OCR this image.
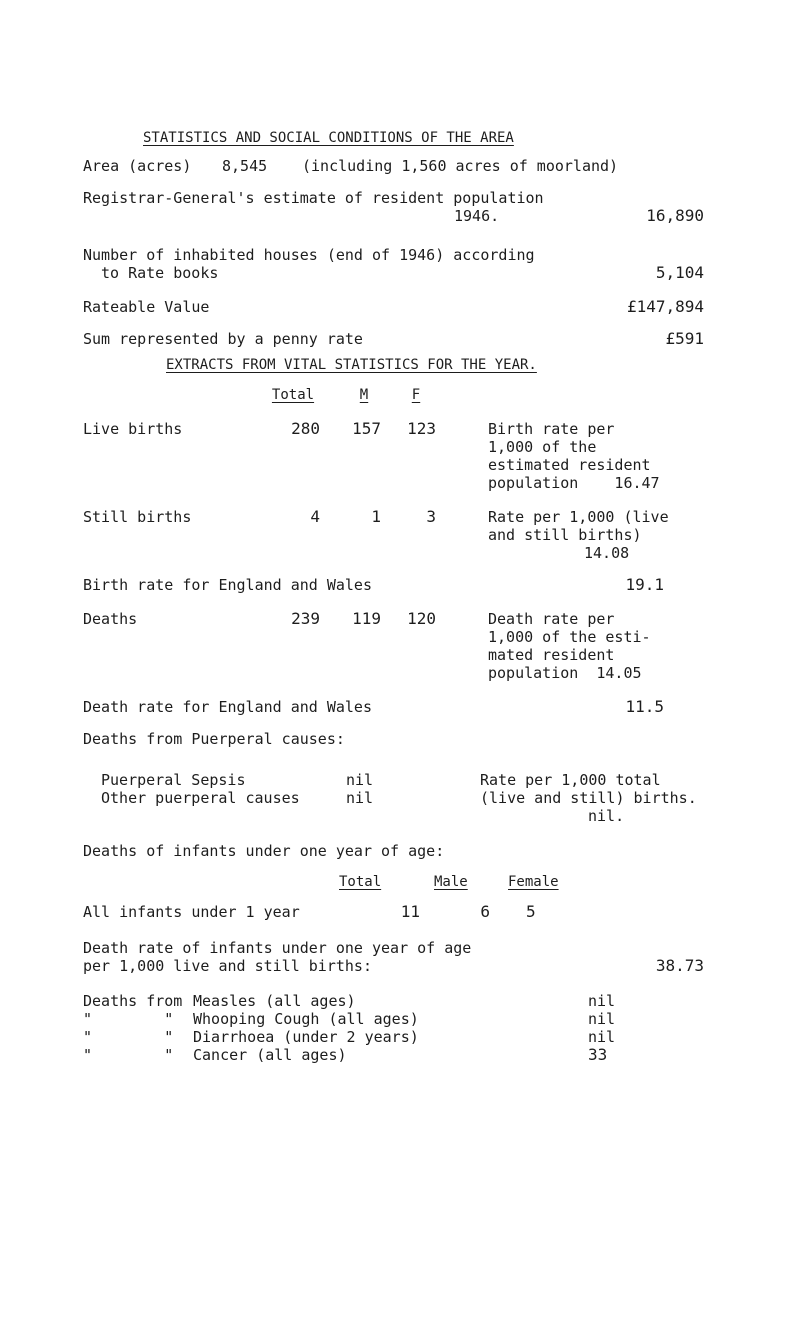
STATISTICS AND SOCIAL CONDITIONS OF THE AREA
Area (acres) 8,545 (including 1,560 acres of moorland)
Registrar-General's estimate of resident population
1946.	16,890
Number of inhabited houses (end of 1946) according
to Rate books	5,104
Rateable Value	£147,894
Sum represented by a penny rate	£591
EXTRACTS FROM VITAL STATISTICS FOR THE YEAR.
Total	M	F
Live births	280	157	123	Birth rate per
1,000 of the
estimated resident
population    16.47
Still births	4	1	3	Rate per 1,000 (live
and still births)
14.08
Birth rate for England and Wales	19.1
Deaths	239	119	120	Death rate per
1,000 of the esti-
mated resident
population  14.05
Death rate for England and Wales	11.5
Deaths from Puerperal causes:
Puerperal Sepsis	nil
Other puerperal causes	nil
Rate per 1,000 total
(live and still) births.
nil.
Deaths of infants under one year of age:
Total	Male	Female
All infants under 1 year	11	6 5
Death rate of infants under one year of age
per 1,000 live and still births:	38.73
Deaths from Measles (all ages)	nil
"        " Whooping Cough (all ages)	nil
"        " Diarrhoea (under 2 years)	nil
"        " Cancer (all ages)	33
